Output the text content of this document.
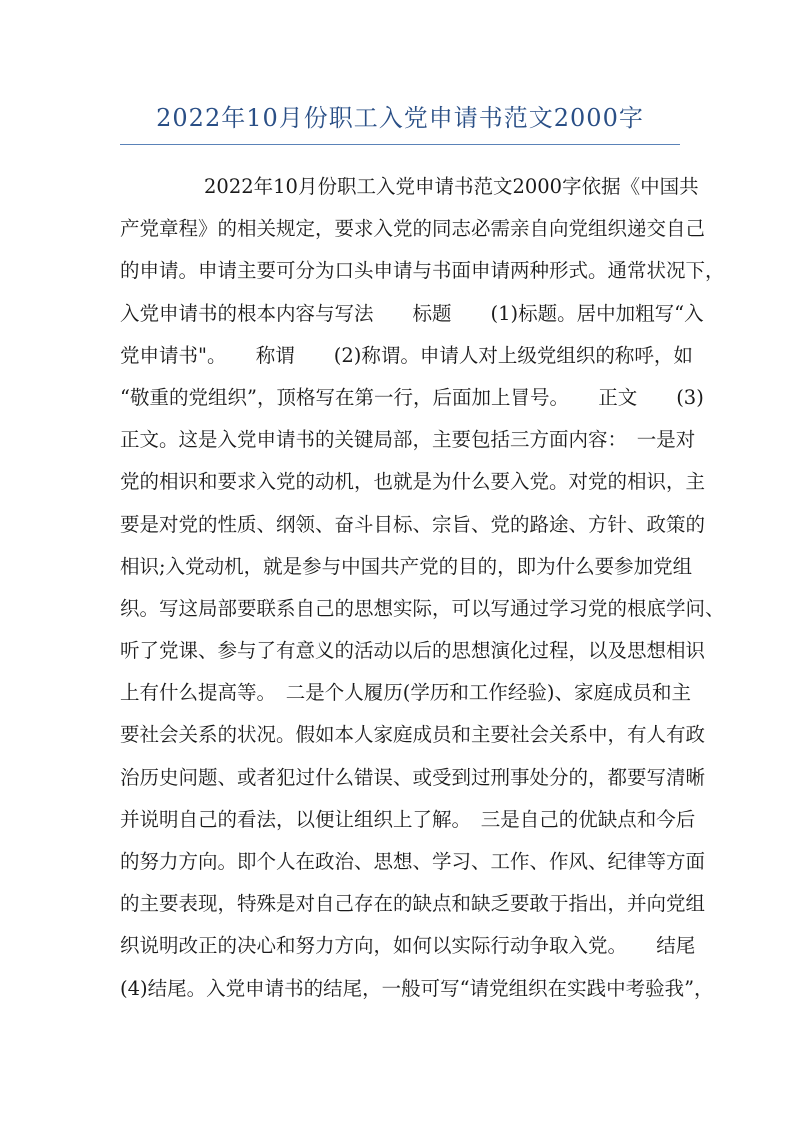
2022年10月份职工入党申请书范文2000字
2022年10月份职工入党申请书范文2000字依据《中国共
产党章程》的相关规定，要求入党的同志必需亲自向党组织递交自己
的申请。申请主要可分为口头申请与书面申请两种形式。通常状况下，
入党申请书的根本内容与写法　　标题　　(1)标题。居中加粗写“入
党申请书"。　　称谓　　(2)称谓。申请人对上级党组织的称呼，如
“敬重的党组织”，顶格写在第一行，后面加上冒号。　　正文　　(3)
正文。这是入党申请书的关键局部，主要包括三方面内容：　一是对
党的相识和要求入党的动机，也就是为什么要入党。对党的相识，主
要是对党的性质、纲领、奋斗目标、宗旨、党的路途、方针、政策的
相识;入党动机，就是参与中国共产党的目的，即为什么要参加党组
织。写这局部要联系自己的思想实际，可以写通过学习党的根底学问、
听了党课、参与了有意义的活动以后的思想演化过程，以及思想相识
上有什么提高等。　二是个人履历(学历和工作经验)、家庭成员和主
要社会关系的状况。假如本人家庭成员和主要社会关系中，有人有政
治历史问题、或者犯过什么错误、或受到过刑事处分的，都要写清晰
并说明自己的看法，以便让组织上了解。　三是自己的优缺点和今后
的努力方向。即个人在政治、思想、学习、工作、作风、纪律等方面
的主要表现，特殊是对自己存在的缺点和缺乏要敢于指出，并向党组
织说明改正的决心和努力方向，如何以实际行动争取入党。　　结尾
(4)结尾。入党申请书的结尾，一般可写“请党组织在实践中考验我”，
